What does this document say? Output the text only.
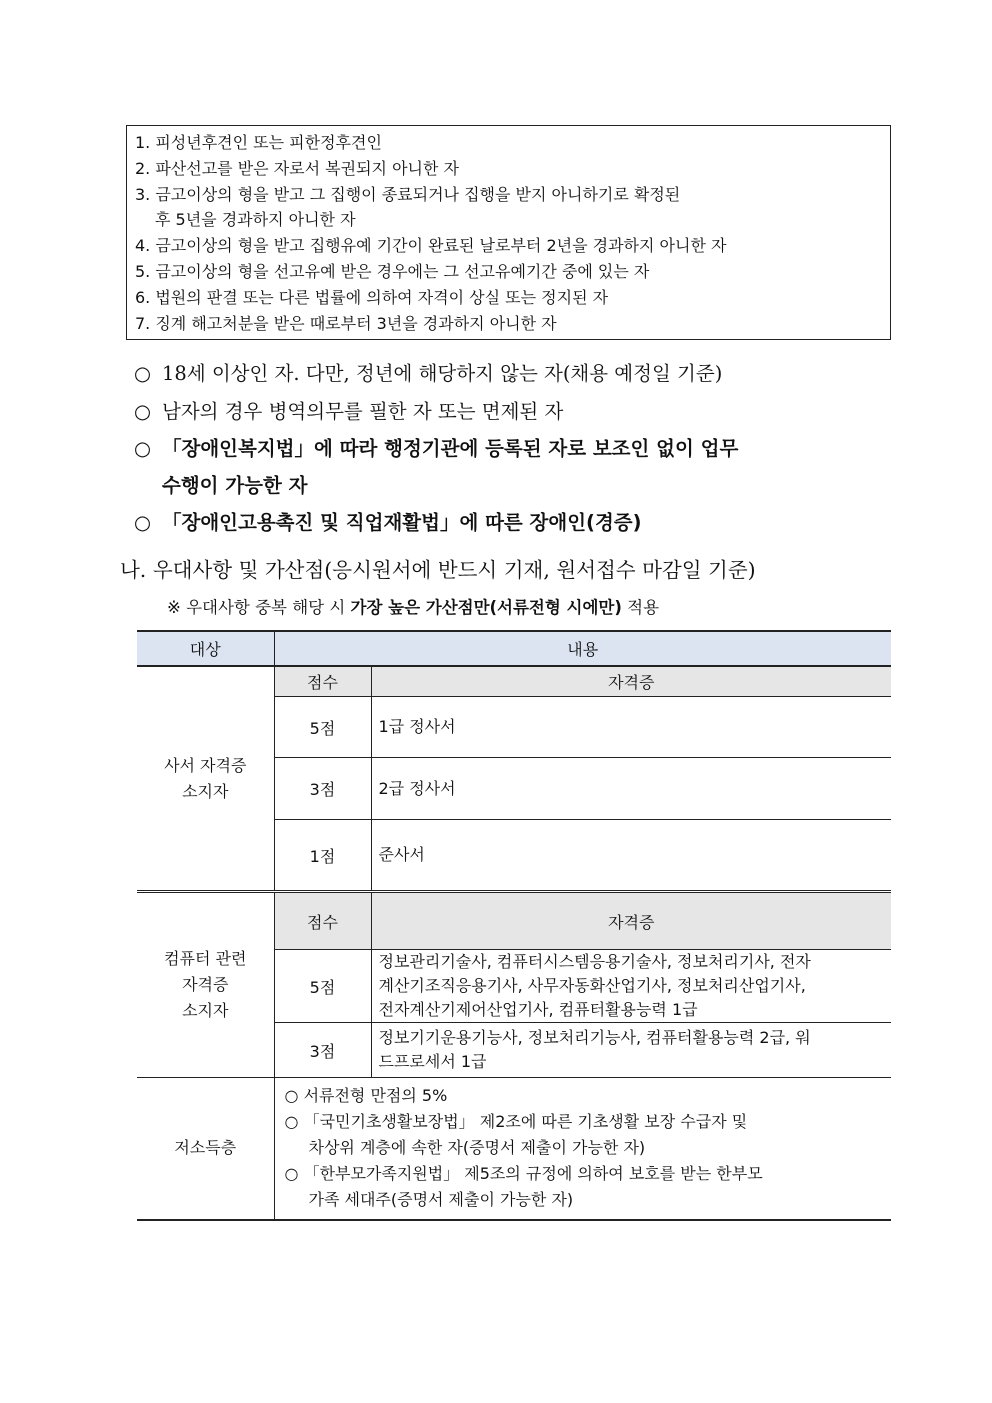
1. 피성년후견인 또는 피한정후견인
2. 파산선고를 받은 자로서 복권되지 아니한 자
3. 금고이상의 형을 받고 그 집행이 종료되거나 집행을 받지 아니하기로 확정된
후 5년을 경과하지 아니한 자
4. 금고이상의 형을 받고 집행유예 기간이 완료된 날로부터 2년을 경과하지 아니한 자
5. 금고이상의 형을 선고유예 받은 경우에는 그 선고유예기간 중에 있는 자
6. 법원의 판결 또는 다른 법률에 의하여 자격이 상실 또는 정지된 자
7. 징계 해고처분을 받은 때로부터 3년을 경과하지 아니한 자
○ 18세 이상인 자. 다만, 정년에 해당하지 않는 자(채용 예정일 기준)
○ 남자의 경우 병역의무를 필한 자 또는 면제된 자
○ 「장애인복지법」에 따라 행정기관에 등록된 자로 보조인 없이 업무
수행이 가능한 자
○ 「장애인고용촉진 및 직업재활법」에 따른 장애인(경증)
나. 우대사항 및 가산점(응시원서에 반드시 기재, 원서접수 마감일 기준)
※ 우대사항 중복 해당 시 가장 높은 가산점만(서류전형 시에만) 적용
대상	내용	

사서 자격증
소지자	점수	자격증
	5점	1급 정사서
	3점	2급 정사서
	1점	준사서

컴퓨터 관련
자격증
소지자	점수	자격증
	5점	정보관리기술사, 컴퓨터시스템응용기술사, 정보처리기사, 전자
계산기조직응용기사, 사무자동화산업기사, 정보처리산업기사,
전자계산기제어산업기사, 컴퓨터활용능력 1급

	3점	정보기기운용기능사, 정보처리기능사, 컴퓨터활용능력 2급, 워
드프로세서 1급

저소득층	○ 서류전형 만점의 5%
○ 「국민기초생활보장법」 제2조에 따른 기초생활 보장 수급자 및
차상위 계층에 속한 자(증명서 제출이 가능한 자)
○ 「한부모가족지원법」 제5조의 규정에 의하여 보호를 받는 한부모
가족 세대주(증명서 제출이 가능한 자)	
